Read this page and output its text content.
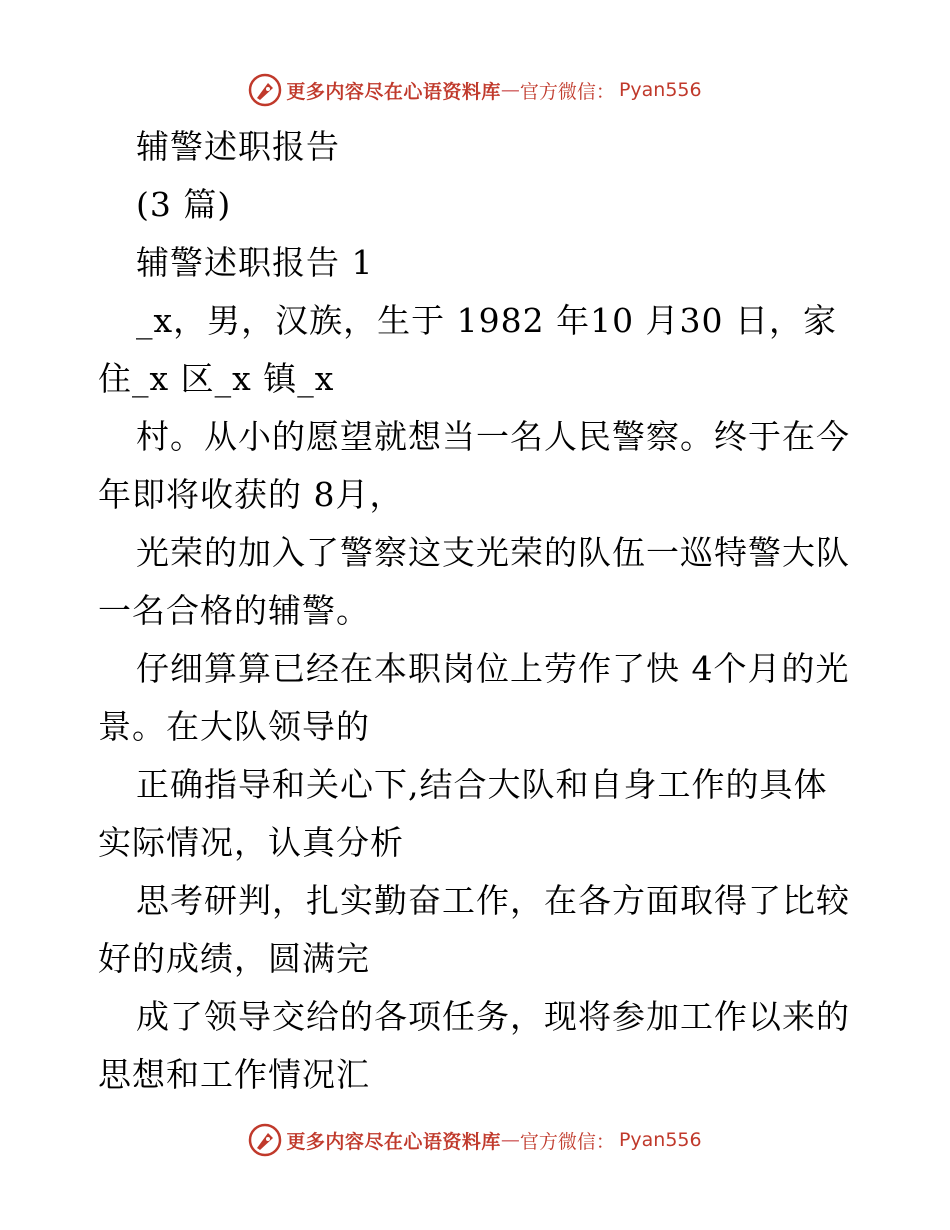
更多内容尽在心语资料库 — 官方微信： Pyan556

辅警述职报告

(3 篇)

辅警述职报告 1

_x，男，汉族，生于 1982 年10 月30 日，家住_x 区_x 镇_x

村。从小的愿望就想当一名人民警察。终于在今年即将收获的 8月，

光荣的加入了警察这支光荣的队伍一巡特警大队一名合格的辅警。

仔细算算已经在本职岗位上劳作了快 4个月的光景。在大队领导的

正确指导和关心下,结合大队和自身工作的具体实际情况，认真分析

思考研判，扎实勤奋工作，在各方面取得了比较好的成绩，圆满完

成了领导交给的各项任务，现将参加工作以来的思想和工作情况汇

更多内容尽在心语资料库 — 官方微信： Pyan556
